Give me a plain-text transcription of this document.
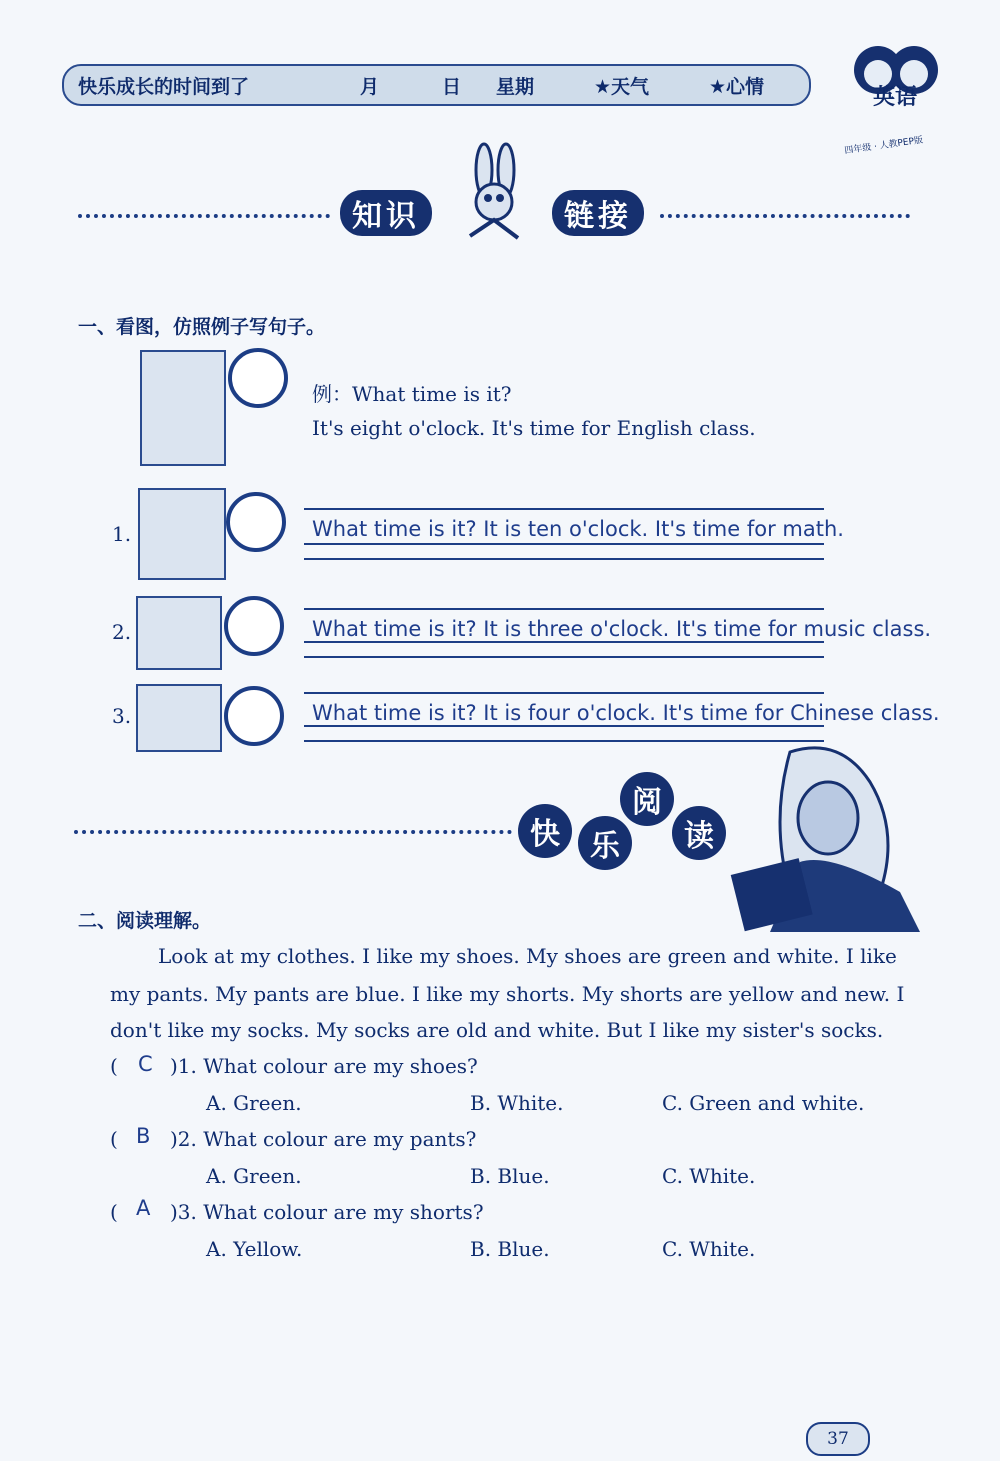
快乐成长的时间到了	月	日 星期	★天气	★心情	英语
四年级 · 人教PEP版
知识	链接
一、看图，仿照例子写句子。
例：What time is it?
It's eight o'clock. It's time for English class.
1.	What time is it? It is ten o'clock. It's time for math.
2.	What time is it? It is three o'clock. It's time for music class.
3.	What time is it? It is four o'clock. It's time for Chinese class.
快	乐
阅
读
二、阅读理解。
Look at my clothes. I like my shoes. My shoes are green and white. I like
my pants. My pants are blue. I like my shorts. My shorts are yellow and new. I
don't like my socks. My socks are old and white. But I like my sister's socks.
( C )1. What colour are my shoes?
A. Green.	B. White.	C. Green and white.
( B )2. What colour are my pants?
A. Green.	B. Blue.	C. White.
( A )3. What colour are my shorts?
A. Yellow.	B. Blue.	C. White.
37
